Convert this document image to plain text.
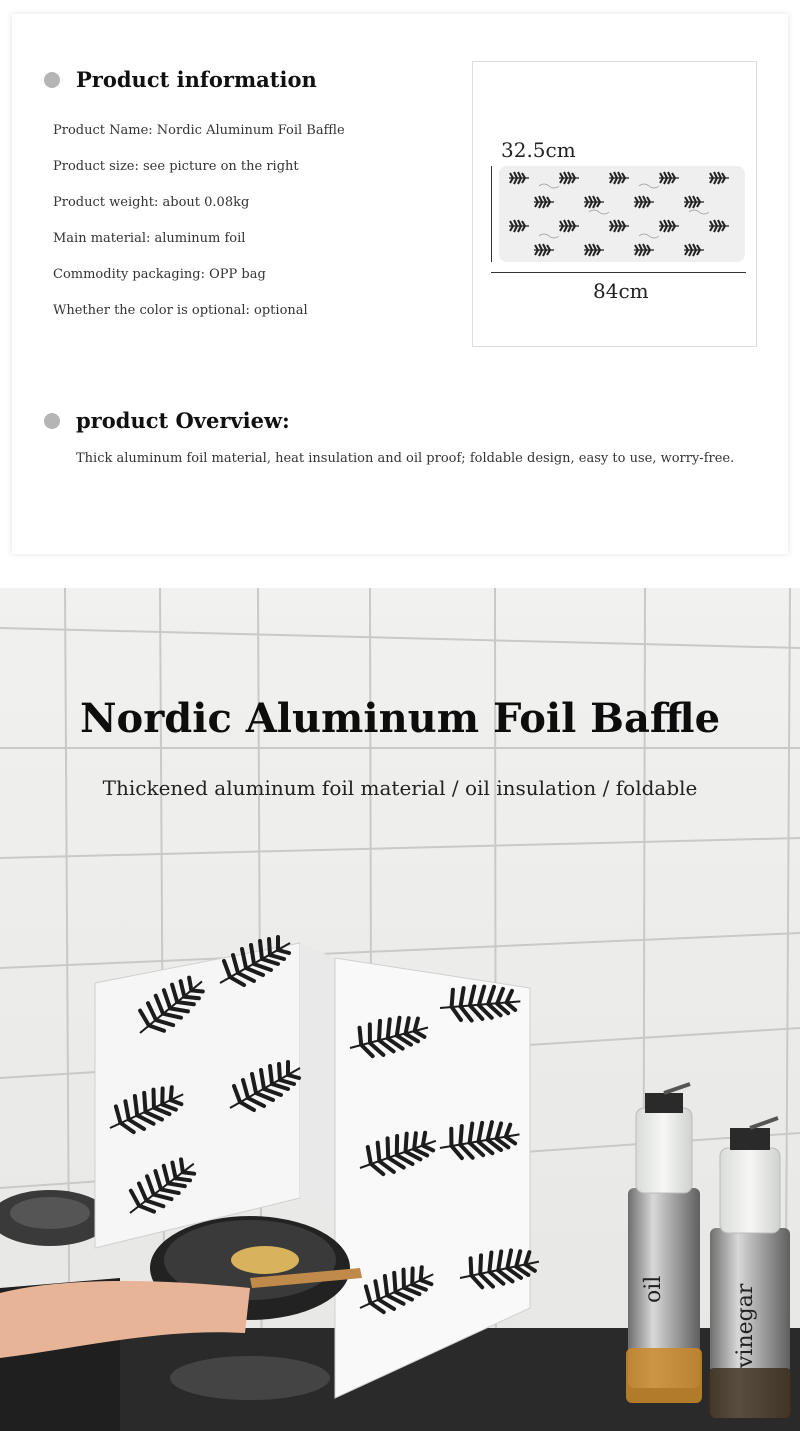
Product information
Product Name: Nordic Aluminum Foil Baffle
Product size: see picture on the right
Product weight: about 0.08kg
Main material: aluminum foil
Commodity packaging: OPP bag
Whether the color is optional: optional
32.5cm
84cm
product Overview:
Thick aluminum foil material, heat insulation and oil proof; foldable design, easy to use, worry-free.
oil	vinegar
Nordic Aluminum Foil Baffle
Thickened aluminum foil material / oil insulation / foldable
